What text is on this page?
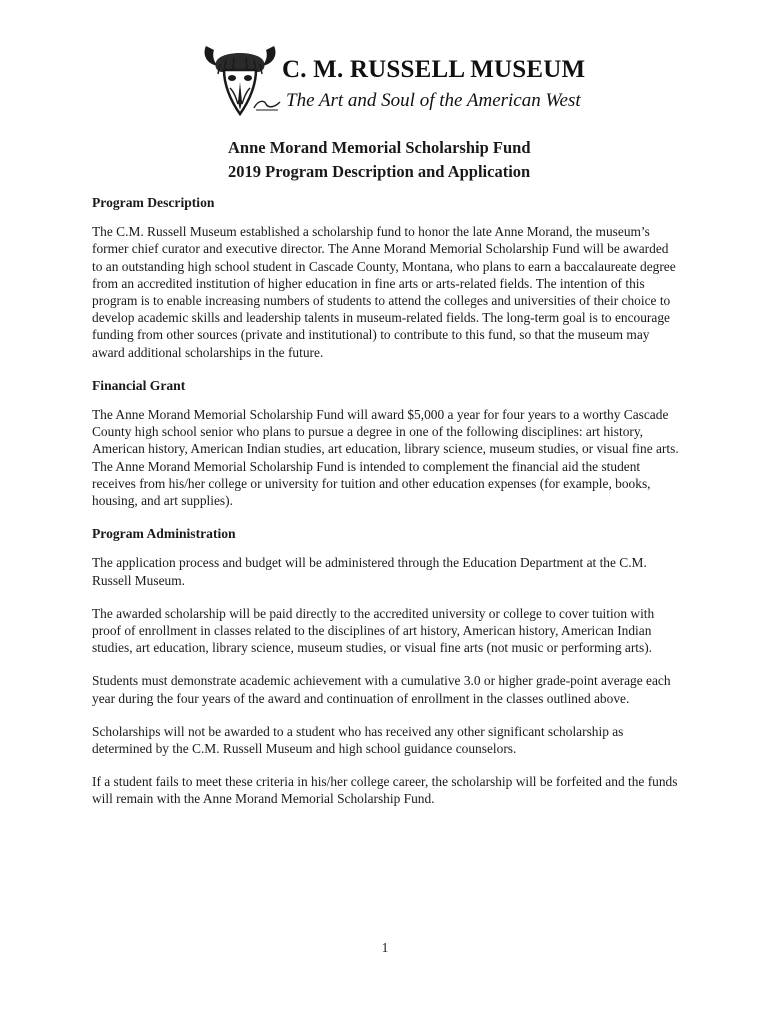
C. M. RUSSELL MUSEUM
The Art and Soul of the American West
Anne Morand Memorial Scholarship Fund
2019 Program Description and Application
Program Description

The C.M. Russell Museum established a scholarship fund to honor the late Anne Morand, the museum’s former chief curator and executive director. The Anne Morand Memorial Scholarship Fund will be awarded to an outstanding high school student in Cascade County, Montana, who plans to earn a baccalaureate degree from an accredited institution of higher education in fine arts or arts-related fields. The intention of this program is to enable increasing numbers of students to attend the colleges and universities of their choice to develop academic skills and leadership talents in museum-related fields. The long-term goal is to encourage funding from other sources (private and institutional) to contribute to this fund, so that the museum may award additional scholarships in the future.

Financial Grant

The Anne Morand Memorial Scholarship Fund will award $5,000 a year for four years to a worthy Cascade County high school senior who plans to pursue a degree in one of the following disciplines: art history, American history, American Indian studies, art education, library science, museum studies, or visual fine arts. The Anne Morand Memorial Scholarship Fund is intended to complement the financial aid the student receives from his/her college or university for tuition and other education expenses (for example, books, housing, and art supplies).

Program Administration

The application process and budget will be administered through the Education Department at the C.M. Russell Museum.

The awarded scholarship will be paid directly to the accredited university or college to cover tuition with proof of enrollment in classes related to the disciplines of art history, American history, American Indian studies, art education, library science, museum studies, or visual fine arts (not music or performing arts).

Students must demonstrate academic achievement with a cumulative 3.0 or higher grade-point average each year during the four years of the award and continuation of enrollment in the classes outlined above.

Scholarships will not be awarded to a student who has received any other significant scholarship as determined by the C.M. Russell Museum and high school guidance counselors.

If a student fails to meet these criteria in his/her college career, the scholarship will be forfeited and the funds will remain with the Anne Morand Memorial Scholarship Fund.

1
